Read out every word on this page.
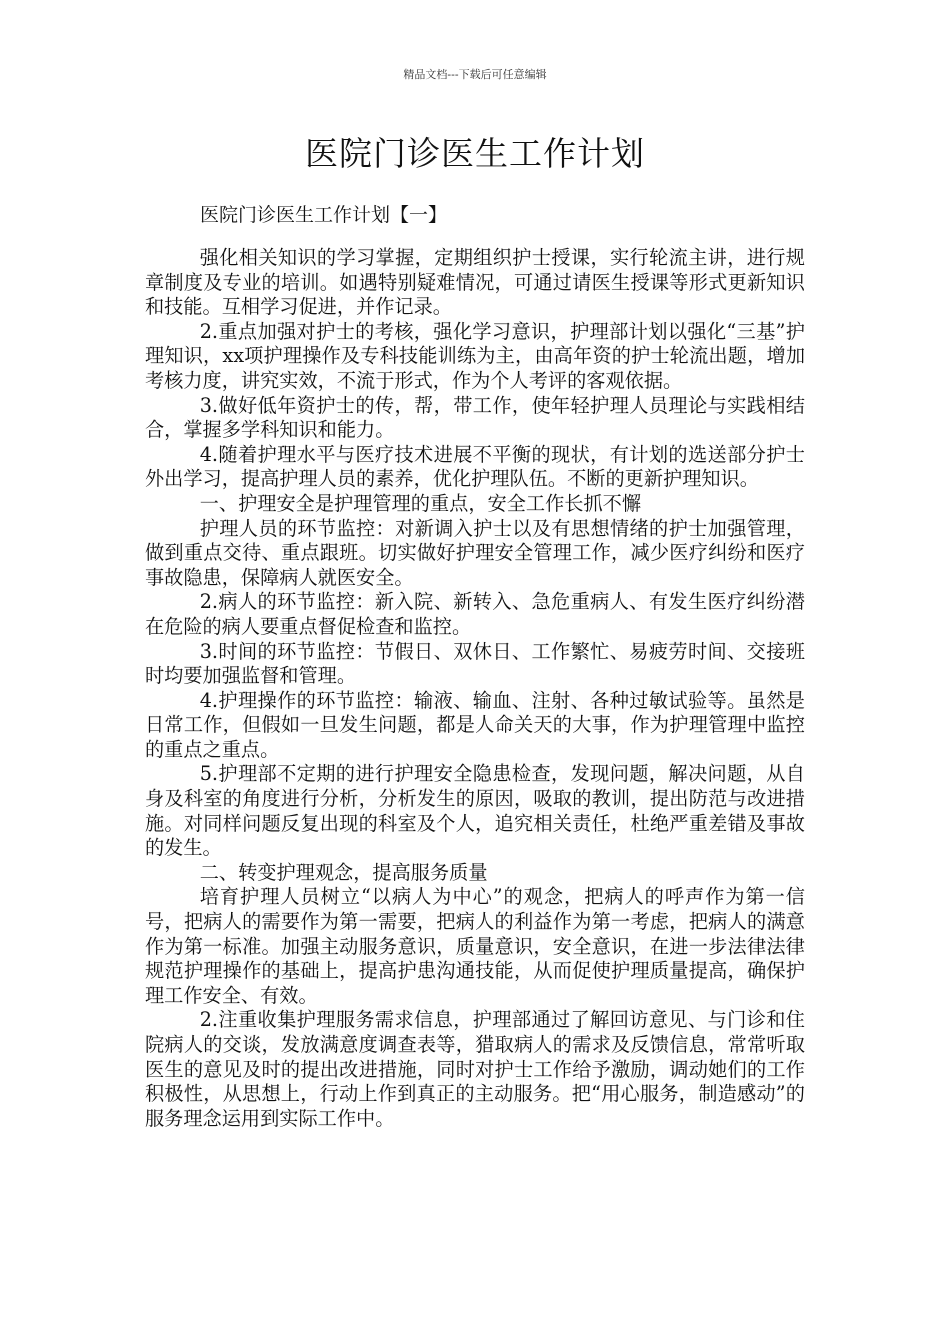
精品文档---下载后可任意编辑
医院门诊医生工作计划
医院门诊医生工作计划【一】

强化相关知识的学习掌握，定期组织护士授课，实行轮流主讲，进行规章制度及专业的培训。如遇特别疑难情况，可通过请医生授课等形式更新知识和技能。互相学习促进，并作记录。

2.重点加强对护士的考核，强化学习意识，护理部计划以强化“三基”护理知识，xx项护理操作及专科技能训练为主，由高年资的护士轮流出题，增加考核力度，讲究实效，不流于形式，作为个人考评的客观依据。

3.做好低年资护士的传，帮，带工作，使年轻护理人员理论与实践相结合，掌握多学科知识和能力。

4.随着护理水平与医疗技术进展不平衡的现状，有计划的选送部分护士外出学习，提高护理人员的素养，优化护理队伍。不断的更新护理知识。

一、护理安全是护理管理的重点，安全工作长抓不懈

护理人员的环节监控：对新调入护士以及有思想情绪的护士加强管理，做到重点交待、重点跟班。切实做好护理安全管理工作，减少医疗纠纷和医疗事故隐患，保障病人就医安全。

2.病人的环节监控：新入院、新转入、急危重病人、有发生医疗纠纷潜在危险的病人要重点督促检查和监控。

3.时间的环节监控：节假日、双休日、工作繁忙、易疲劳时间、交接班时均要加强监督和管理。

4.护理操作的环节监控：输液、输血、注射、各种过敏试验等。虽然是日常工作，但假如一旦发生问题，都是人命关天的大事，作为护理管理中监控的重点之重点。

5.护理部不定期的进行护理安全隐患检查，发现问题，解决问题，从自身及科室的角度进行分析，分析发生的原因，吸取的教训，提出防范与改进措施。对同样问题反复出现的科室及个人，追究相关责任，杜绝严重差错及事故的发生。

二、转变护理观念，提高服务质量

培育护理人员树立“以病人为中心”的观念，把病人的呼声作为第一信号，把病人的需要作为第一需要，把病人的利益作为第一考虑，把病人的满意作为第一标准。加强主动服务意识，质量意识，安全意识，在进一步法律法律规范护理操作的基础上，提高护患沟通技能，从而促使护理质量提高，确保护理工作安全、有效。

2.注重收集护理服务需求信息，护理部通过了解回访意见、与门诊和住院病人的交谈，发放满意度调查表等，猎取病人的需求及反馈信息，常常听取医生的意见及时的提出改进措施，同时对护士工作给予激励，调动她们的工作积极性，从思想上，行动上作到真正的主动服务。把“用心服务，制造感动”的服务理念运用到实际工作中。
